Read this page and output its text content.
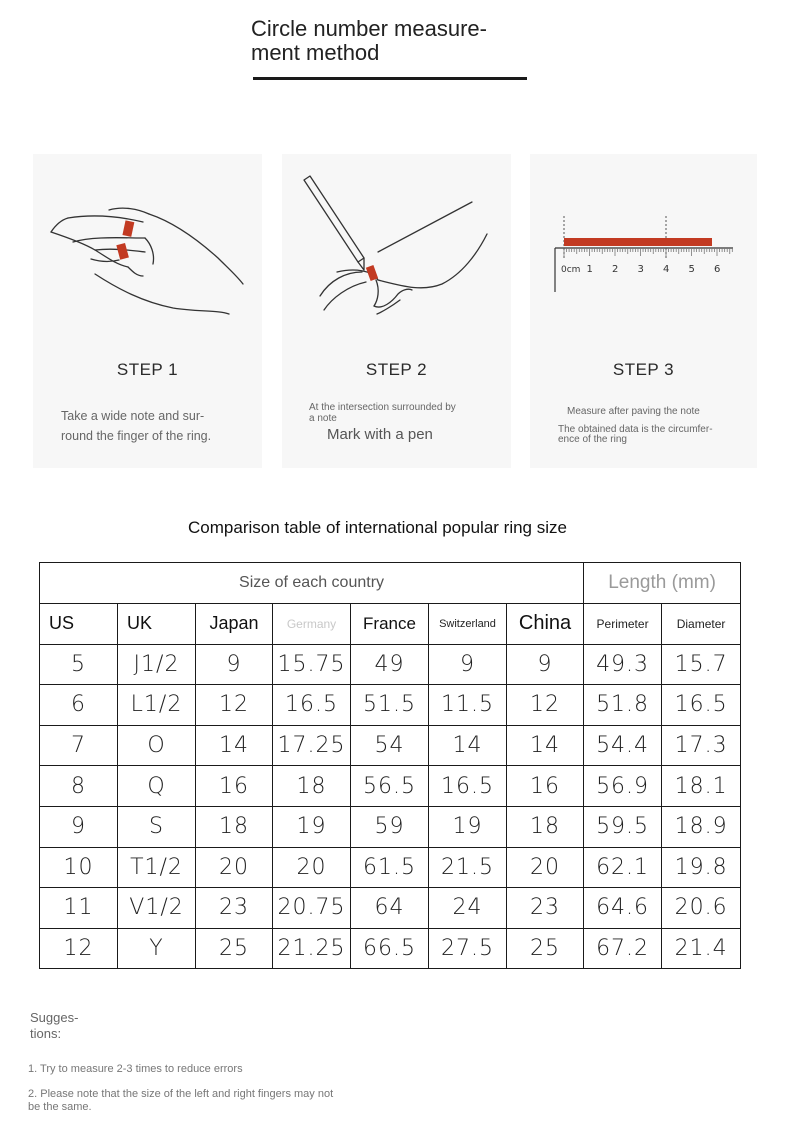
Circle number measure-
ment method
STEP 1
Take a wide note and sur-
round the finger of the ring.
STEP 2
At the intersection surrounded by
a note
Mark with a pen
0cm 1 2 3 4 5 6
STEP 3
Measure after paving the note
The obtained data is the circumfer-
ence of the ring
Comparison table of international popular ring size
Size of each country							Length (mm)	
US	UK	Japan	Germany	France	Switzerland	China	Perimeter	Diameter
5	J1/2	9	15.75	49	9	9	49.3	15.7
6	L1/2	12	16.5	51.5	11.5	12	51.8	16.5
7	O	14	17.25	54	14	14	54.4	17.3
8	Q	16	18	56.5	16.5	16	56.9	18.1
9	S	18	19	59	19	18	59.5	18.9
10	T1/2	20	20	61.5	21.5	20	62.1	19.8
11	V1/2	23	20.75	64	24	23	64.6	20.6
12	Y	25	21.25	66.5	27.5	25	67.2	21.4
Sugges-
tions:
1. Try to measure 2-3 times to reduce errors
2. Please note that the size of the left and right fingers may not
be the same.
